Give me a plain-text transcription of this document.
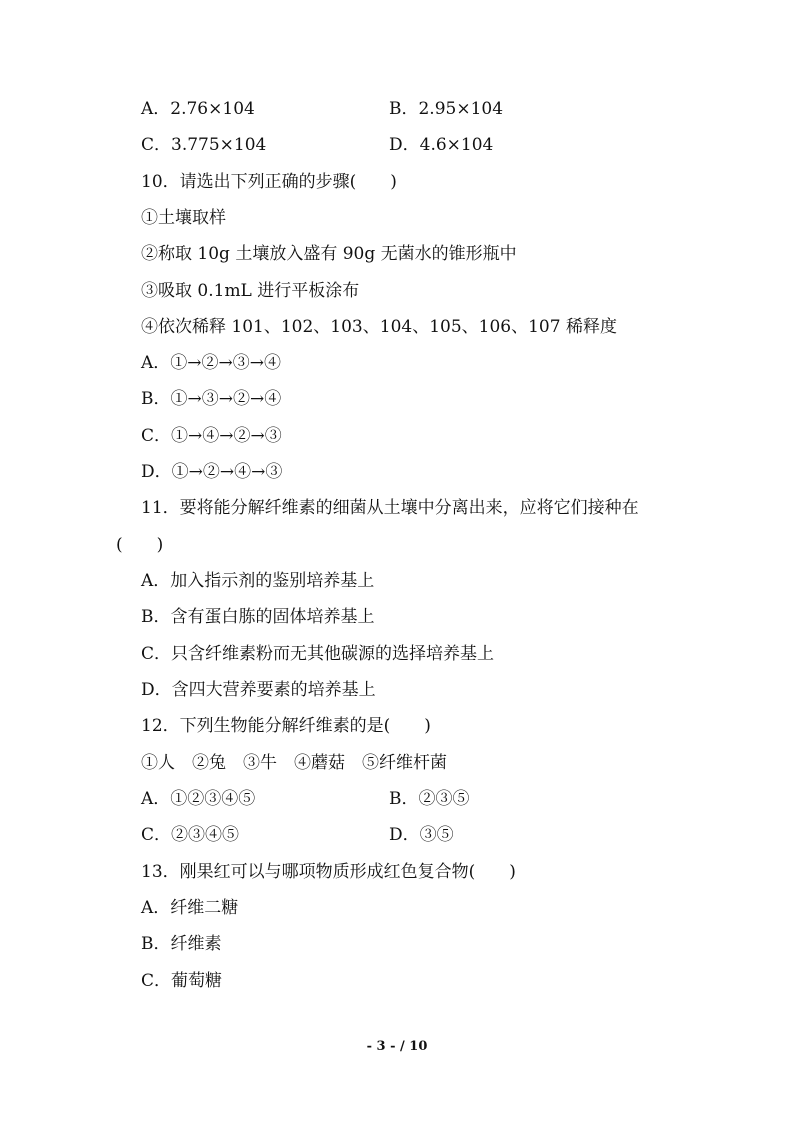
A．2.76×104	B．2.95×104
C．3.775×104	D．4.6×104
10．请选出下列正确的步骤(　　)
①土壤取样
②称取 10g 土壤放入盛有 90g 无菌水的锥形瓶中
③吸取 0.1mL 进行平板涂布
④依次稀释 101、102、103、104、105、106、107 稀释度
A．①→②→③→④
B．①→③→②→④
C．①→④→②→③
D．①→②→④→③
11．要将能分解纤维素的细菌从土壤中分离出来，应将它们接种在
(　　)
A．加入指示剂的鉴别培养基上
B．含有蛋白胨的固体培养基上
C．只含纤维素粉而无其他碳源的选择培养基上
D．含四大营养要素的培养基上
12．下列生物能分解纤维素的是(　　)
①人　②兔　③牛　④蘑菇　⑤纤维杆菌
A．①②③④⑤	B．②③⑤
C．②③④⑤	D．③⑤
13．刚果红可以与哪项物质形成红色复合物(　　)
A．纤维二糖
B．纤维素
C．葡萄糖
- 3 - / 10
